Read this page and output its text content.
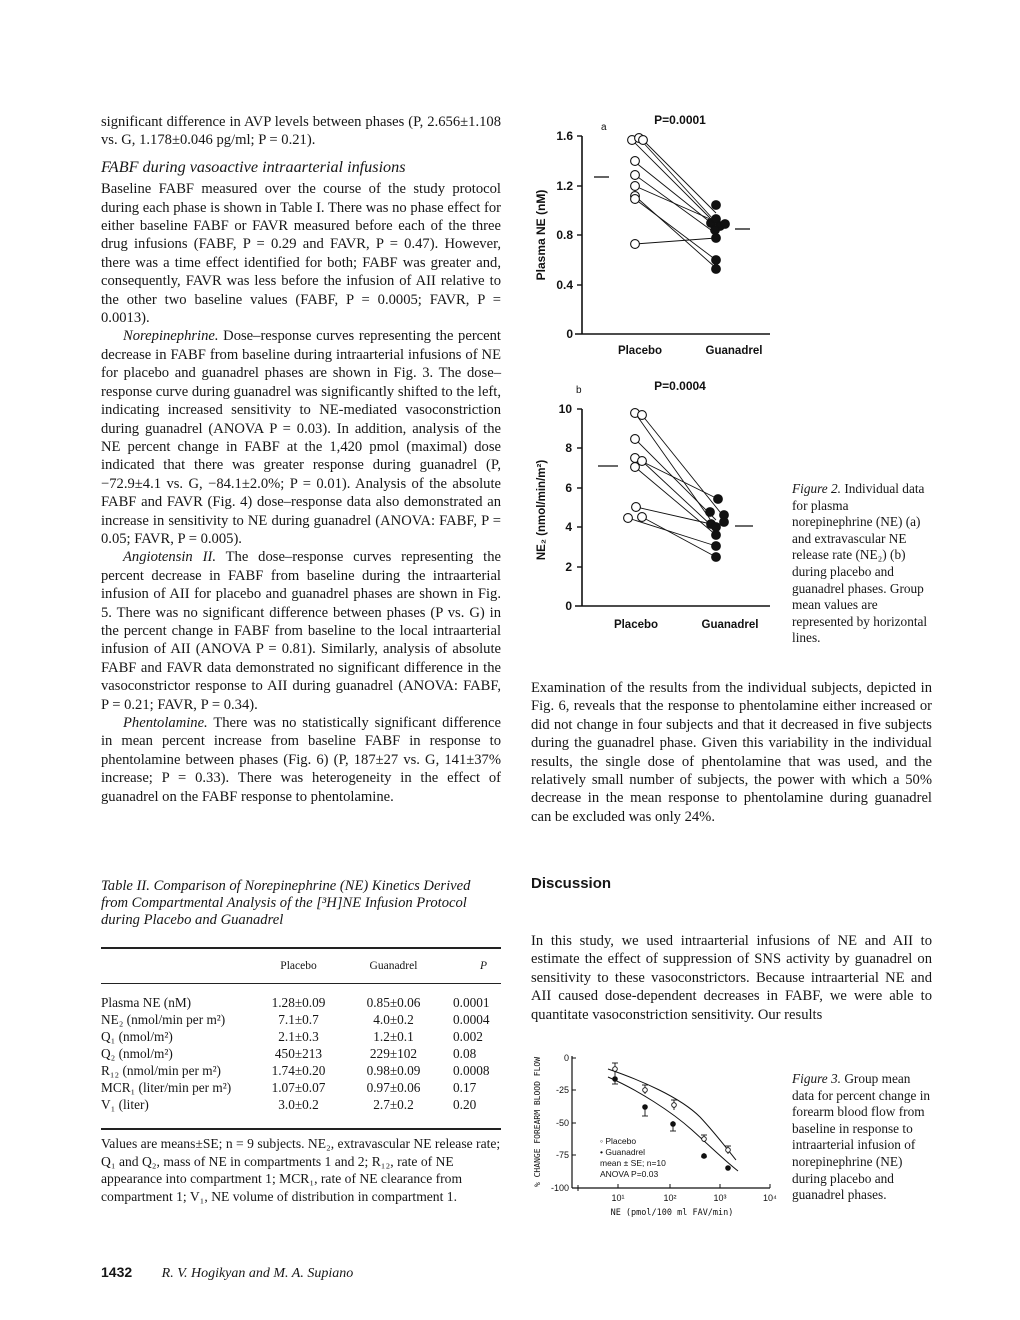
significant difference in AVP levels between phases (P, 2.656±1.108 vs. G, 1.178±0.046 pg/ml; P = 0.21).

FABF during vasoactive intraarterial infusions

Baseline FABF measured over the course of the study protocol during each phase is shown in Table I. There was no phase effect for either baseline FABF or FAVR measured before each of the three drug infusions (FABF, P = 0.29 and FAVR, P = 0.47). However, there was a time effect identified for both; FABF was greater and, consequently, FAVR was less before the infusion of AII relative to the other two baseline values (FABF, P = 0.0005; FAVR, P = 0.0013).

Norepinephrine. Dose–response curves representing the percent decrease in FABF from baseline during intraarterial infusions of NE for placebo and guanadrel phases are shown in Fig. 3. The dose–response curve during guanadrel was significantly shifted to the left, indicating increased sensitivity to NE-mediated vasoconstriction during guanadrel (ANOVA P = 0.03). In addition, analysis of the NE percent change in FABF at the 1,420 pmol (maximal) dose indicated that there was greater response during guanadrel (P, −72.9±4.1 vs. G, −84.1±2.0%; P = 0.01). Analysis of the absolute FABF and FAVR (Fig. 4) dose–response data also demonstrated an increase in sensitivity to NE during guanadrel (ANOVA: FABF, P = 0.05; FAVR, P = 0.005).

Angiotensin II. The dose–response curves representing the percent decrease in FABF from baseline during the intraarterial infusion of AII for placebo and guanadrel phases are shown in Fig. 5. There was no significant difference between phases (P vs. G) in the percent change in FABF from baseline to the local intraarterial infusion of AII (ANOVA P = 0.81). Similarly, analysis of absolute FABF and FAVR data demonstrated no significant difference in the vasoconstrictor response to AII during guanadrel (ANOVA: FABF, P = 0.21; FAVR, P = 0.34).

Phentolamine. There was no statistically significant difference in mean percent increase from baseline FABF in response to phentolamine between phases (Fig. 6) (P, 187±27 vs. G, 141±37% increase; P = 0.33). There was heterogeneity in the effect of guanadrel on the FABF response to phentolamine.

Table II. Comparison of Norepinephrine (NE) Kinetics Derived from Compartmental Analysis of the [³H]NE Infusion Protocol during Placebo and Guanadrel
	Placebo	Guanadrel	P
Plasma NE (nM)	1.28±0.09	0.85±0.06	0.0001
NE₂ (nmol/min per m²)	7.1±0.7	4.0±0.2	0.0004
Q₁ (nmol/m²)	2.1±0.3	1.2±0.1	0.002
Q₂ (nmol/m²)	450±213	229±102	0.08
R₁₂ (nmol/min per m²)	1.74±0.20	0.98±0.09	0.0008
MCR₁ (liter/min per m²)	1.07±0.07	0.97±0.06	0.17
V₁ (liter)	3.0±0.2	2.7±0.2	0.20
Values are means±SE; n = 9 subjects. NE₂, extravascular NE release rate; Q₁ and Q₂, mass of NE in compartments 1 and 2; R₁₂, rate of NE appearance into compartment 1; MCR₁, rate of NE clearance from compartment 1; V₁, NE volume of distribution in compartment 1.
1432 R. V. Hogikyan and M. A. Supiano
a
P=0.0001
1.6
1.2
0.8
0.4
0
Plasma NE (nM)
Placebo	Guanadrel
b	P=0.0004
10
8
6
4
2
0
NE₂ (nmol/min/m²)
Placebo	Guanadrel
0
-25
-50
-75
-100
10¹	10²	10³	10⁴
NE (pmol/100 ml FAV/min)
% CHANGE FOREARM BLOOD FLOW	◦ Placebo
• Guanadrel
mean ± SE; n=10
ANOVA P=0.03
Figure 2. Individual data for plasma norepinephrine (NE) (a) and extravascular NE release rate (NE₂) (b) during placebo and guanadrel phases. Group mean values are represented by horizontal lines.

Examination of the results from the individual subjects, depicted in Fig. 6, reveals that the response to phentolamine either increased or did not change in four subjects and that it decreased in five subjects during the guanadrel phase. Given this variability in the individual results, the single dose of phentolamine that was used, and the relatively small number of subjects, the power with which a 50% decrease in the mean response to phentolamine during guanadrel can be excluded was only 24%.

Discussion

In this study, we used intraarterial infusions of NE and AII to estimate the effect of suppression of SNS activity by guanadrel on sensitivity to these vasoconstrictors. Because intraarterial NE and AII caused dose-dependent decreases in FABF, we were able to quantitate vasoconstriction sensitivity. Our results

Figure 3. Group mean data for percent change in forearm blood flow from baseline in response to intraarterial infusion of norepinephrine (NE) during placebo and guanadrel phases.
